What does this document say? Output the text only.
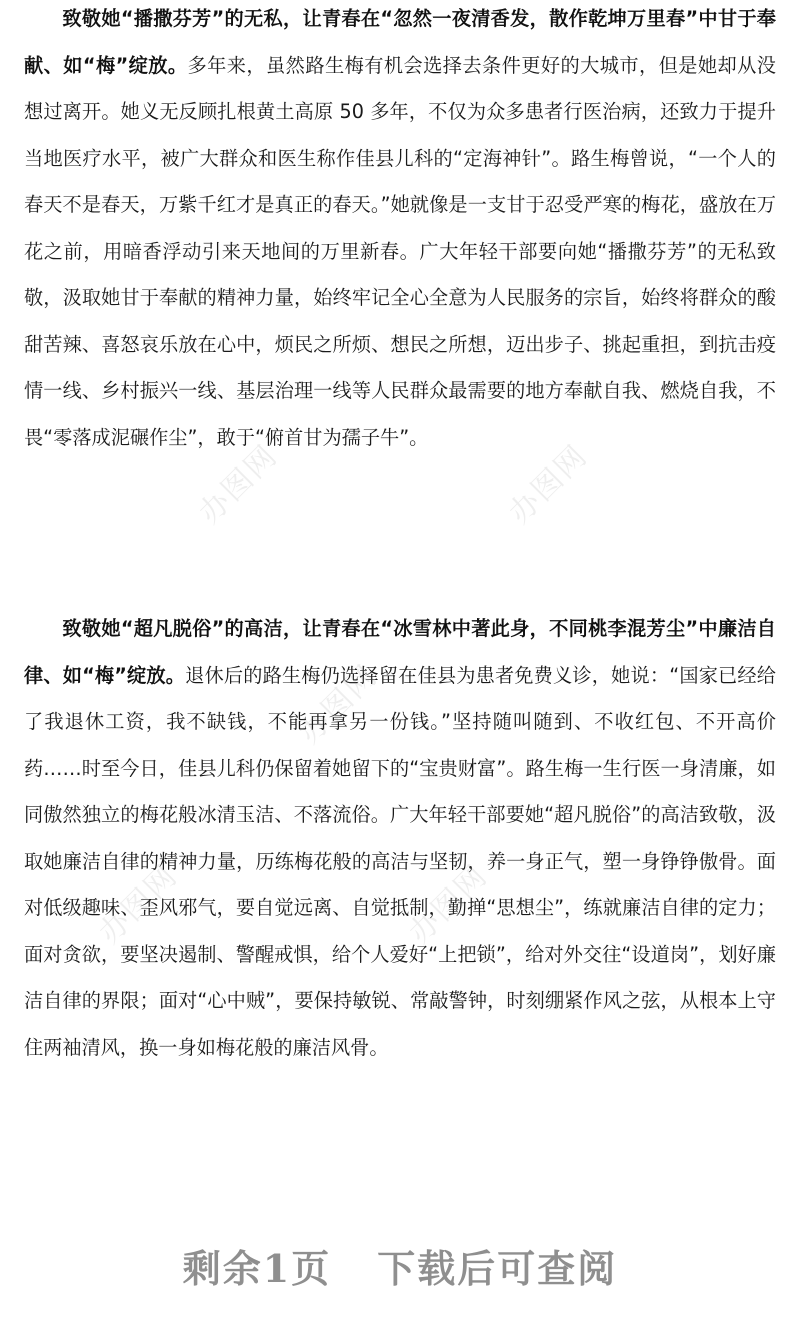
致敬她“播撒芬芳”的无私，让青春在“忽然一夜清香发，散作乾坤万里春”中甘于奉献、如“梅”绽放。多年来，虽然路生梅有机会选择去条件更好的大城市，但是她却从没想过离开。她义无反顾扎根黄土高原 50 多年，不仅为众多患者行医治病，还致力于提升当地医疗水平，被广大群众和医生称作佳县儿科的“定海神针”。路生梅曾说，“一个人的春天不是春天，万紫千红才是真正的春天。”她就像是一支甘于忍受严寒的梅花，盛放在万花之前，用暗香浮动引来天地间的万里新春。广大年轻干部要向她“播撒芬芳”的无私致敬，汲取她甘于奉献的精神力量，始终牢记全心全意为人民服务的宗旨，始终将群众的酸甜苦辣、喜怒哀乐放在心中，烦民之所烦、想民之所想，迈出步子、挑起重担，到抗击疫情一线、乡村振兴一线、基层治理一线等人民群众最需要的地方奉献自我、燃烧自我，不畏“零落成泥碾作尘”，敢于“俯首甘为孺子牛”。

致敬她“超凡脱俗”的高洁，让青春在“冰雪林中著此身，不同桃李混芳尘”中廉洁自律、如“梅”绽放。退休后的路生梅仍选择留在佳县为患者免费义诊，她说：“国家已经给了我退休工资，我不缺钱，不能再拿另一份钱。”坚持随叫随到、不收红包、不开高价药……时至今日，佳县儿科仍保留着她留下的“宝贵财富”。路生梅一生行医一身清廉，如同傲然独立的梅花般冰清玉洁、不落流俗。广大年轻干部要她“超凡脱俗”的高洁致敬，汲取她廉洁自律的精神力量，历练梅花般的高洁与坚韧，养一身正气，塑一身铮铮傲骨。面对低级趣味、歪风邪气，要自觉远离、自觉抵制，勤掸“思想尘”，练就廉洁自律的定力；面对贪欲，要坚决遏制、警醒戒惧，给个人爱好“上把锁”，给对外交往“设道岗”，划好廉洁自律的界限；面对“心中贼”，要保持敏锐、常敲警钟，时刻绷紧作风之弦，从根本上守住两袖清风，换一身如梅花般的廉洁风骨。

办图网	办图网
办图网
办图网	办图网
剩余1页 下载后可查阅
